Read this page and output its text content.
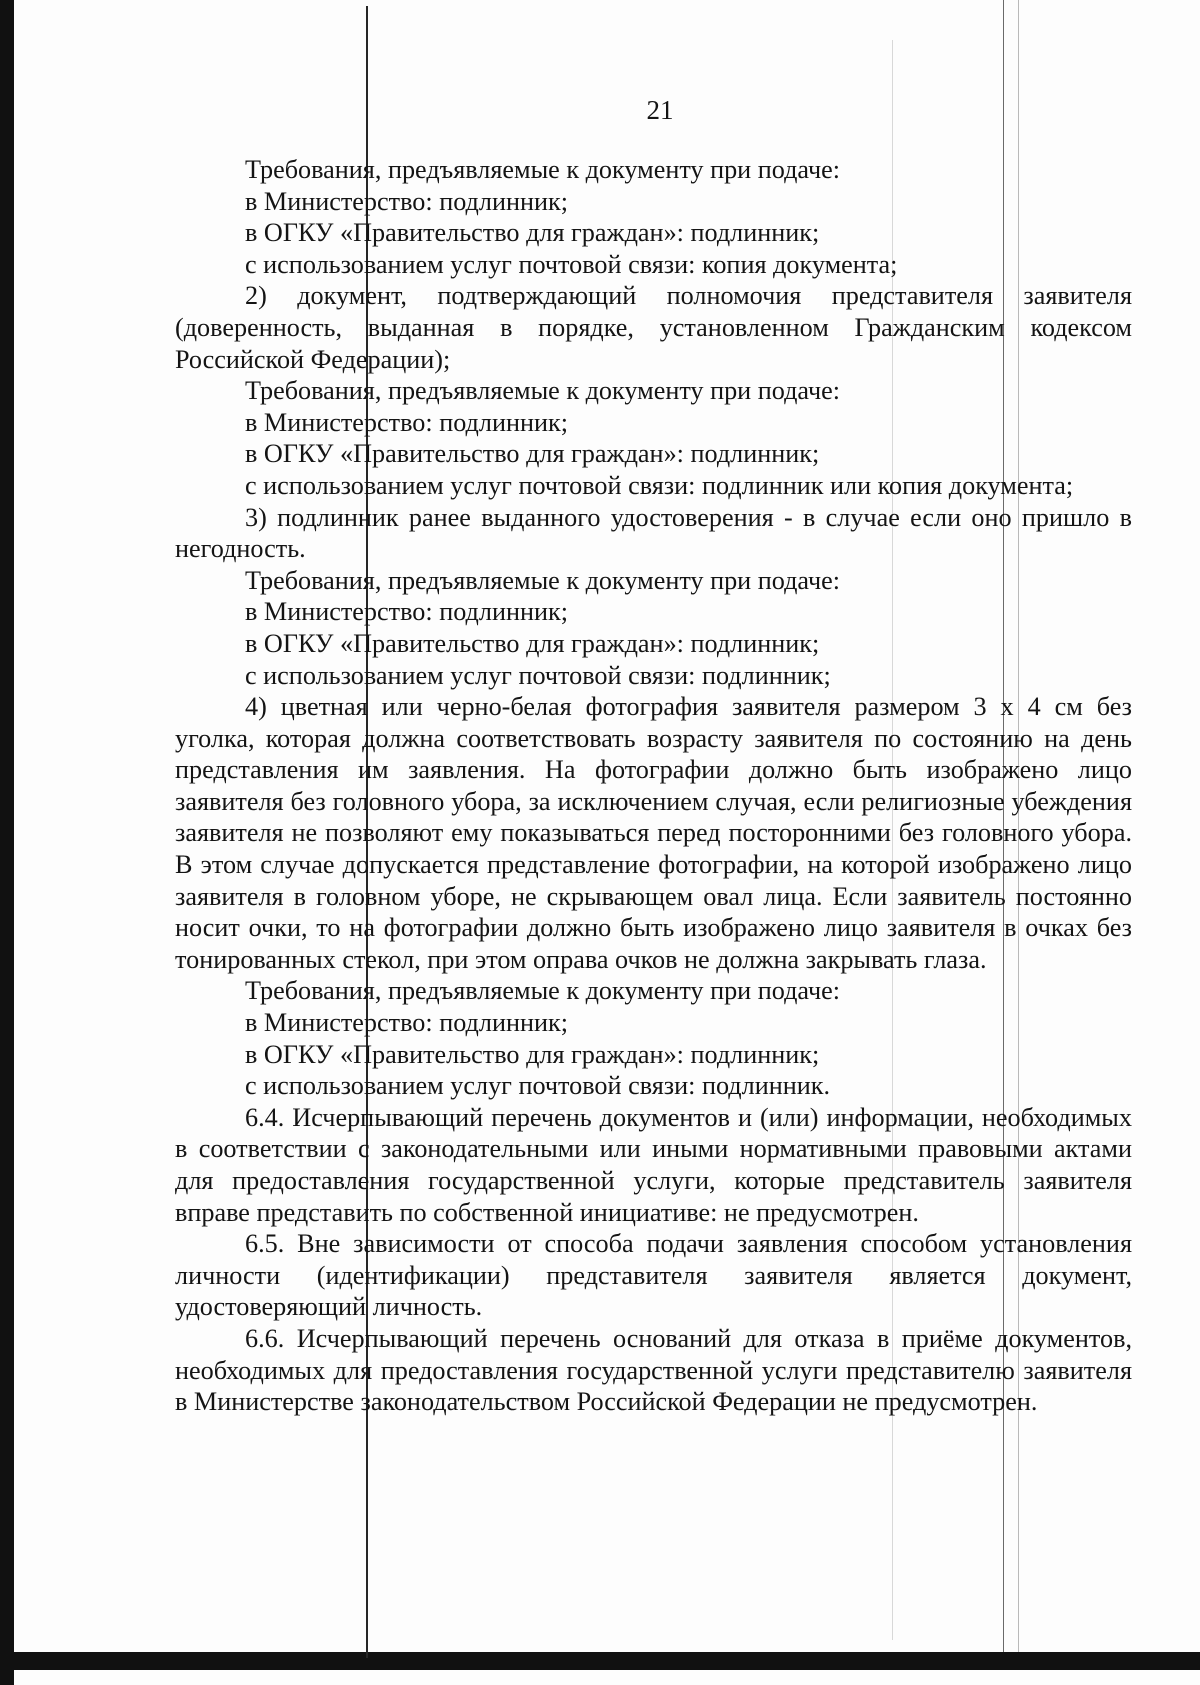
21

Требования, предъявляемые к документу при подаче:

в Министерство: подлинник;

в ОГКУ «Правительство для граждан»: подлинник;

с использованием услуг почтовой связи: копия документа;

2) документ, подтверждающий полномочия представителя заявителя (доверенность, выданная в порядке, установленном Гражданским кодексом Российской Федерации);

Требования, предъявляемые к документу при подаче:

в Министерство: подлинник;

в ОГКУ «Правительство для граждан»: подлинник;

с использованием услуг почтовой связи: подлинник или копия документа;

3) подлинник ранее выданного удостоверения - в случае если оно пришло в негодность.

Требования, предъявляемые к документу при подаче:

в Министерство: подлинник;

в ОГКУ «Правительство для граждан»: подлинник;

с использованием услуг почтовой связи: подлинник;

4) цветная или черно-белая фотография заявителя размером 3 х 4 см без уголка, которая должна соответствовать возрасту заявителя по состоянию на день представления им заявления. На фотографии должно быть изображено лицо заявителя без головного убора, за исключением случая, если религиозные убеждения заявителя не позволяют ему показываться перед посторонними без головного убора. В этом случае допускается представление фотографии, на которой изображено лицо заявителя в головном уборе, не скрывающем овал лица. Если заявитель постоянно носит очки, то на фотографии должно быть изображено лицо заявителя в очках без тонированных стекол, при этом оправа очков не должна закрывать глаза.

Требования, предъявляемые к документу при подаче:

в Министерство: подлинник;

в ОГКУ «Правительство для граждан»: подлинник;

с использованием услуг почтовой связи: подлинник.

6.4. Исчерпывающий перечень документов и (или) информации, необходимых в соответствии с законодательными или иными нормативными правовыми актами для предоставления государственной услуги, которые представитель заявителя вправе представить по собственной инициативе: не предусмотрен.

6.5. Вне зависимости от способа подачи заявления способом установления личности (идентификации) представителя заявителя является документ, удостоверяющий личность.

6.6. Исчерпывающий перечень оснований для отказа в приёме документов, необходимых для предоставления государственной услуги представителю заявителя в Министерстве законодательством Российской Федерации не предусмотрен.
